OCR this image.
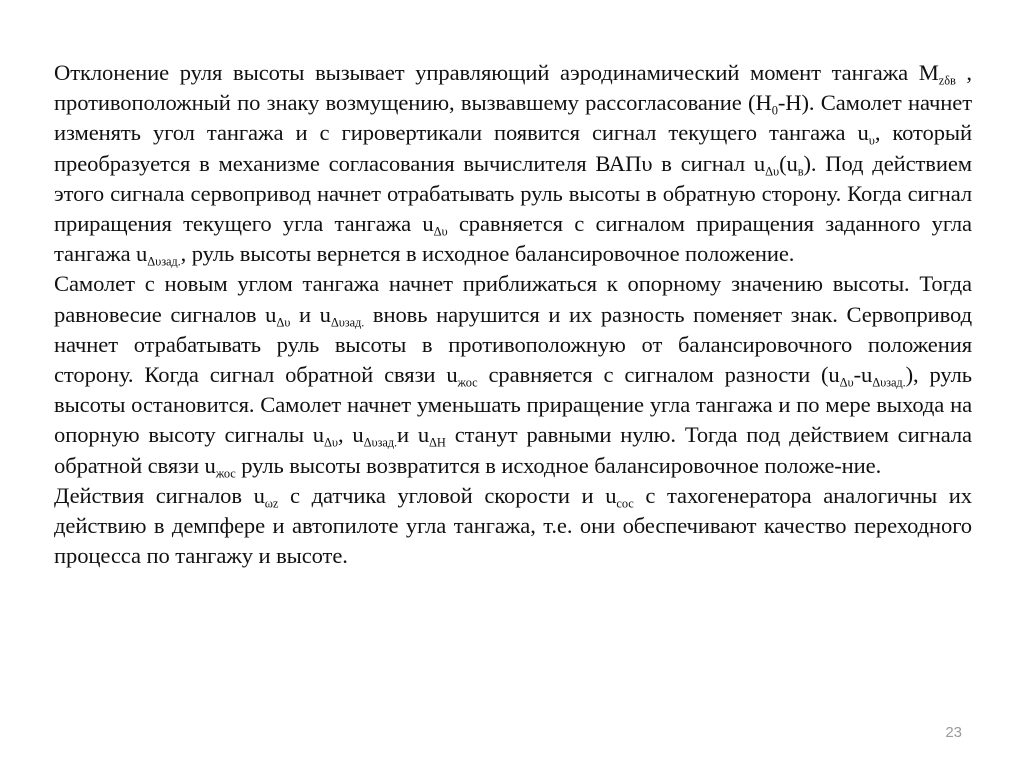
Отклонение руля высоты вызывает управляющий аэродинамический момент тангажа $М_{z\delta в}$ , противоположный по знаку возмущению, вызвавшему рассогласование $(Н_0-Н)$. Самолет начнет изменять угол тангажа и с гировертикали появится сигнал текущего тангажа $u_\upsilon$, который преобразуется в механизме согласования вычислителя ВАПυ в сигнал $u_{\Delta\upsilon}(u_в)$. Под действием этого сигнала сервопривод начнет отрабатывать руль высоты в обратную сторону. Когда сигнал приращения текущего угла тангажа $u_{\Delta\upsilon}$ сравняется с сигналом приращения заданного угла тангажа $u_{\Delta\upsilon зад.}$, руль высоты вернется в исходное балансировочное положение.

Самолет с новым углом тангажа начнет приближаться к опорному значению высоты. Тогда равновесие сигналов $u_{\Delta\upsilon}$ и $u_{\Delta\upsilon зад.}$ вновь нарушится и их разность поменяет знак. Сервопривод начнет отрабатывать руль высоты в противоположную от балансировочного положения сторону. Когда сигнал обратной связи $u_{жос}$ сравняется с сигналом разности $(u_{\Delta\upsilon}-u_{\Delta\upsilon зад.})$, руль высоты остановится. Самолет начнет уменьшать приращение угла тангажа и по мере выхода на опорную высоту сигналы $u_{\Delta\upsilon}$, $u_{\Delta\upsilon зад.}и$ $u_{\Delta Н}$ станут равными нулю. Тогда под действием сигнала обратной связи $u_{жос}$ руль высоты возвратится в исходное балансировочное положе-ние.

Действия сигналов $u_{\omega z}$ с датчика угловой скорости и $u_{сос}$ с тахогенератора аналогичны их действию в демпфере и автопилоте угла тангажа, т.е. они обеспечивают качество переходного процесса по тангажу и высоте.

23
